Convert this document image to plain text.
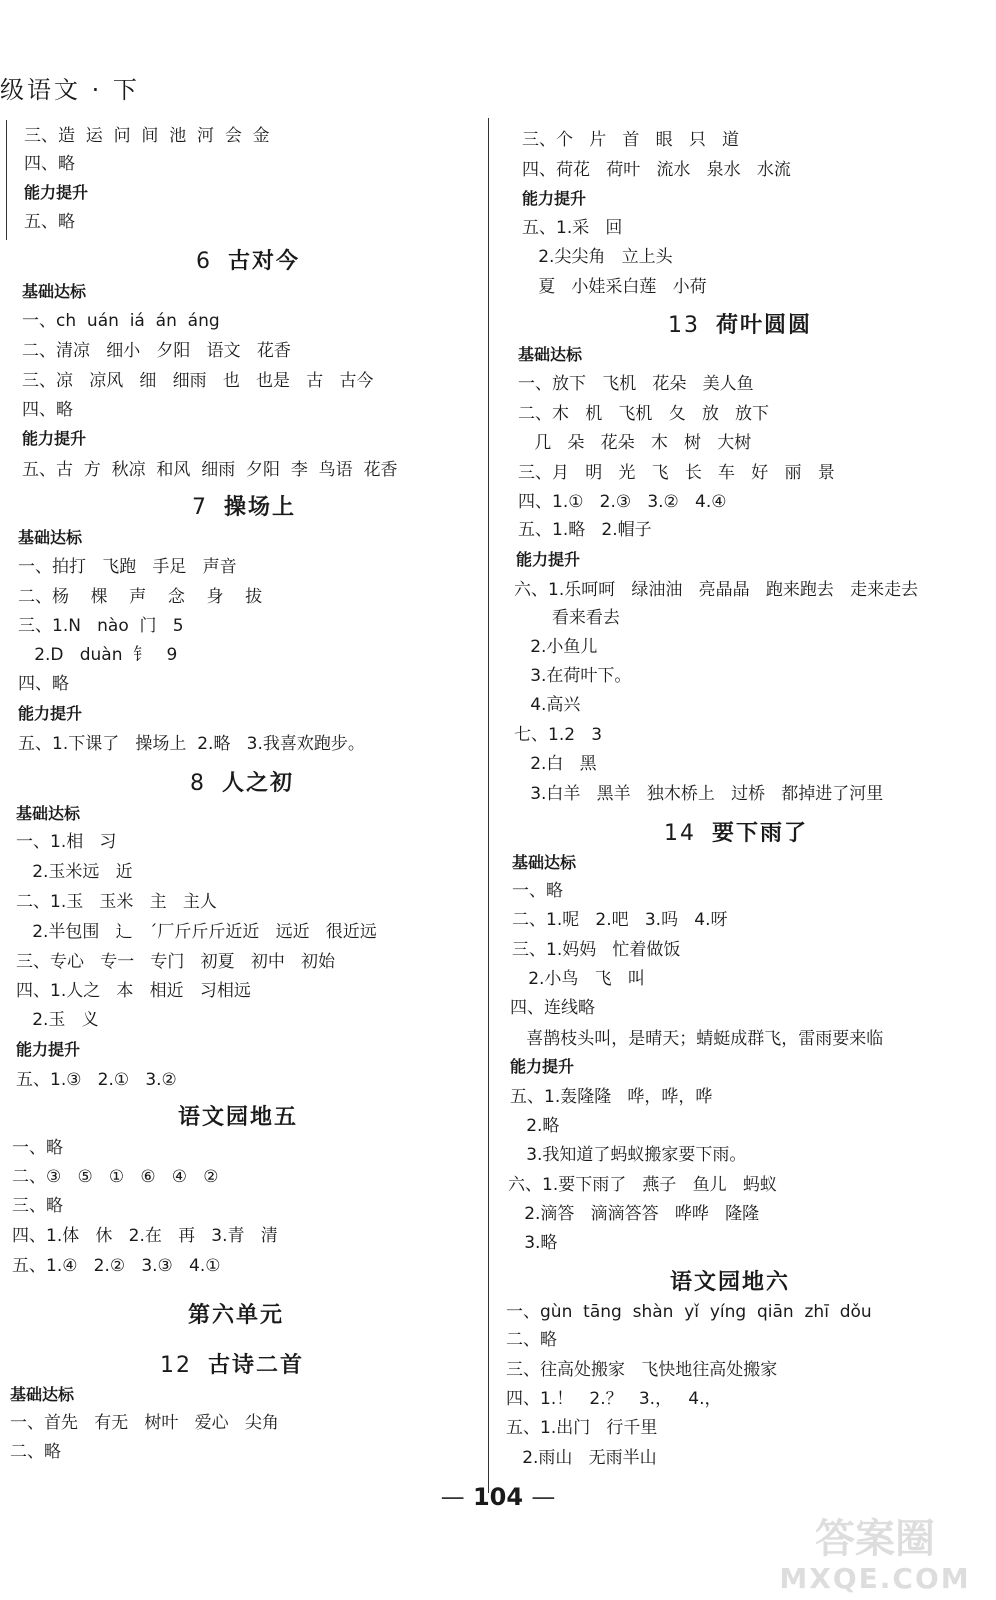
级语文 · 下
三、造  运  问  间  池  河  会  金
四、略
能力提升
五、略
6 古对今
基础达标
一、ch  uán  iá  án  áng
二、清凉   细小   夕阳   语文   花香
三、凉   凉风   细   细雨   也   也是   古   古今
四、略
能力提升
五、古  方  秋凉  和风  细雨  夕阳  李  鸟语  花香
7 操场上
基础达标
一、拍打   飞跑   手足   声音
二、杨    棵    声    念    身    拔
三、1.N   nào  门   5
2.D   duàn  钅   9
四、略
能力提升
五、1.下课了   操场上  2.略   3.我喜欢跑步。
8 人之初
基础达标
一、1.相   习
2.玉米远   近
二、1.玉   玉米   主   主人
2.半包围   辶   ˊ厂斤斤斤近近   远近   很近远
三、专心   专一   专门   初夏   初中   初始
四、1.人之   本   相近   习相远
2.玉   义
能力提升
五、1.③   2.①   3.②
语文园地五
一、略
二、③   ⑤   ①   ⑥   ④   ②
三、略
四、1.体   休   2.在   再   3.青   清
五、1.④   2.②   3.③   4.①
第六单元
12 古诗二首
基础达标
一、首先   有无   树叶   爱心   尖角
二、略
三、个   片   首   眼   只   道
四、荷花   荷叶   流水   泉水   水流
能力提升
五、1.采   回
2.尖尖角   立上头
夏   小娃采白莲   小荷
13 荷叶圆圆
基础达标
一、放下   飞机   花朵   美人鱼
二、木   机   飞机   夂   放   放下
几   朵   花朵   木   树   大树
三、月   明   光   飞   长   车   好   丽   景
四、1.①   2.③   3.②   4.④
五、1.略   2.帽子
能力提升
六、1.乐呵呵   绿油油   亮晶晶   跑来跑去   走来走去
看来看去
2.小鱼儿
3.在荷叶下。
4.高兴
七、1.2   3
2.白   黑
3.白羊   黑羊   独木桥上   过桥   都掉进了河里
14 要下雨了
基础达标
一、略
二、1.呢   2.吧   3.吗   4.呀
三、1.妈妈   忙着做饭
2.小鸟   飞   叫
四、连线略
喜鹊枝头叫，是晴天；蜻蜓成群飞，雷雨要来临
能力提升
五、1.轰隆隆   哗，哗，哗
2.略
3.我知道了蚂蚁搬家要下雨。
六、1.要下雨了   燕子   鱼儿   蚂蚁
2.滴答   滴滴答答   哗哗   隆隆
3.略
语文园地六
一、gùn  tāng  shàn  yǐ  yíng  qiān  zhī  dǒu
二、略
三、往高处搬家   飞快地往高处搬家
四、1.！   2.？   3.，   4.，
五、1.出门   行千里
2.雨山   无雨半山
— 104 —
答案圈
MXQE.COM
